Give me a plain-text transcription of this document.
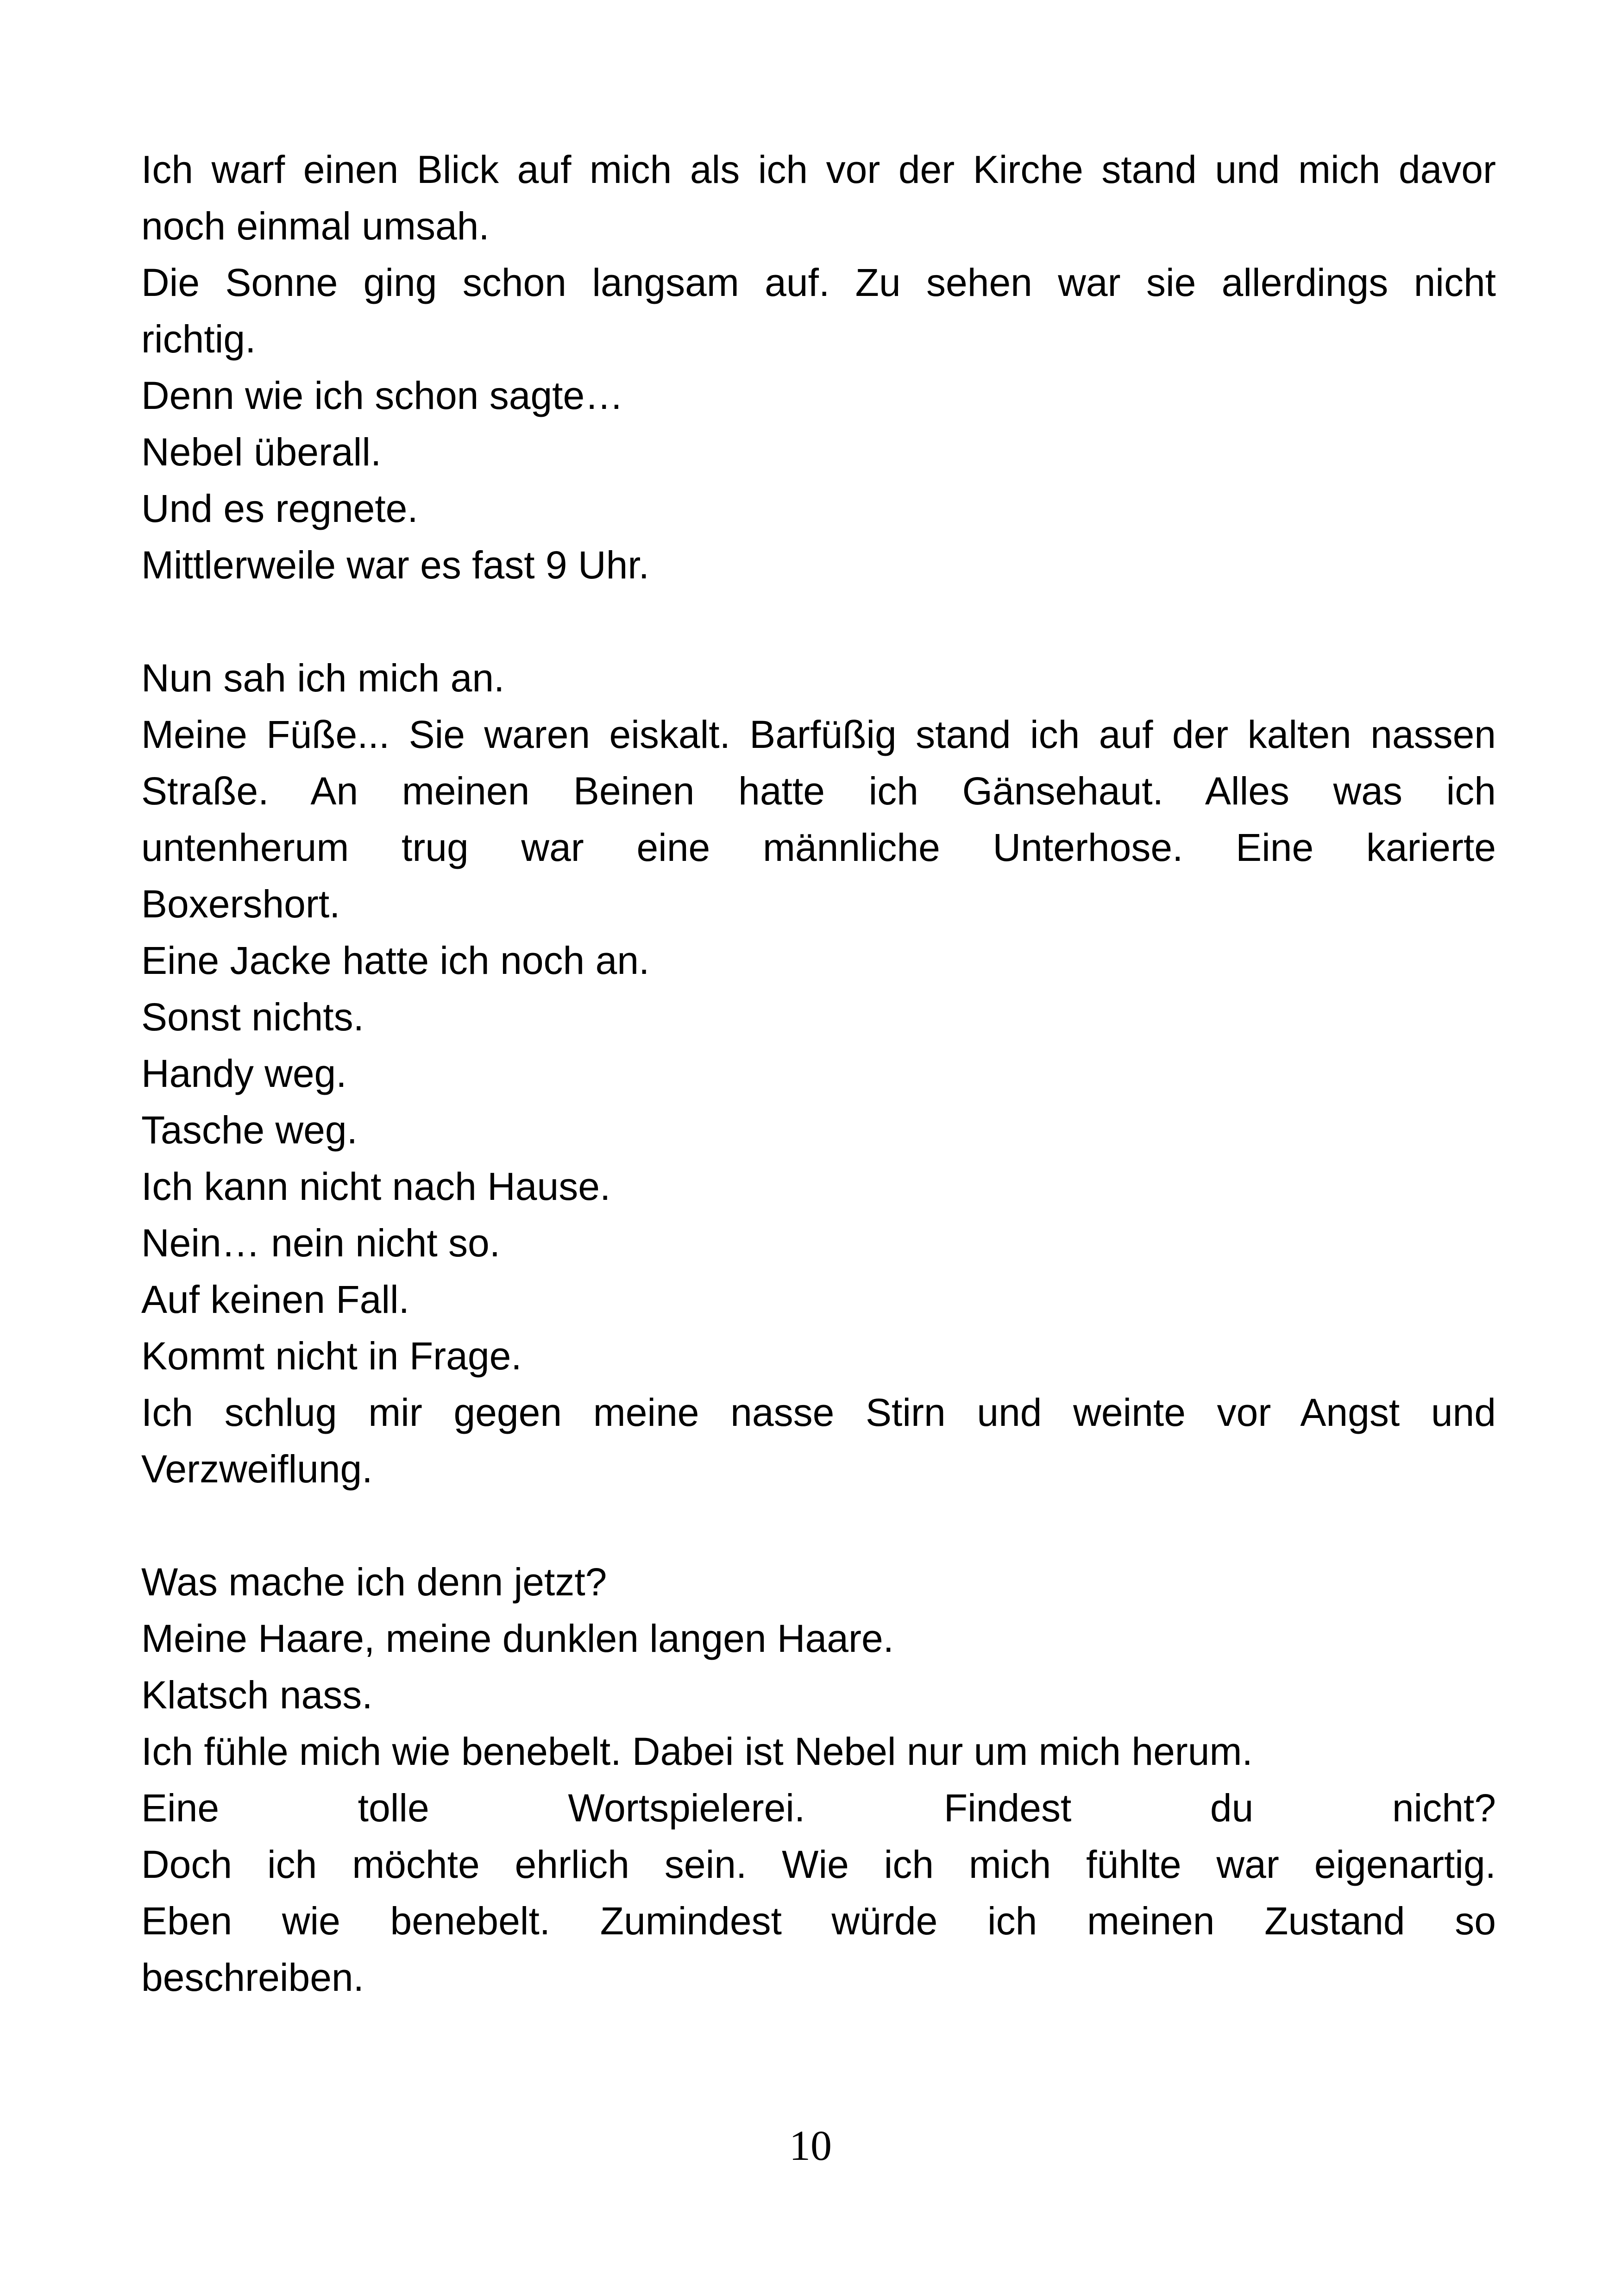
Ich warf einen Blick auf mich als ich vor der Kirche stand und mich davor
noch einmal umsah.
Die Sonne ging schon langsam auf. Zu sehen war sie allerdings nicht
richtig.
Denn wie ich schon sagte…
Nebel überall.
Und es regnete.
Mittlerweile war es fast 9 Uhr.
Nun sah ich mich an.
Meine Füße... Sie waren eiskalt. Barfüßig stand ich auf der kalten nassen
Straße. An meinen Beinen hatte ich Gänsehaut. Alles was ich
untenherum trug war eine männliche Unterhose. Eine karierte
Boxershort.
Eine Jacke hatte ich noch an.
Sonst nichts.
Handy weg.
Tasche weg.
Ich kann nicht nach Hause.
Nein… nein nicht so.
Auf keinen Fall.
Kommt nicht in Frage.
Ich schlug mir gegen meine nasse Stirn und weinte vor Angst und
Verzweiflung.
Was mache ich denn jetzt?
Meine Haare, meine dunklen langen Haare.
Klatsch nass.
Ich fühle mich wie benebelt. Dabei ist Nebel nur um mich herum.
Eine tolle Wortspielerei. Findest du nicht?
Doch ich möchte ehrlich sein. Wie ich mich fühlte war eigenartig.
Eben wie benebelt. Zumindest würde ich meinen Zustand so
beschreiben.
10
